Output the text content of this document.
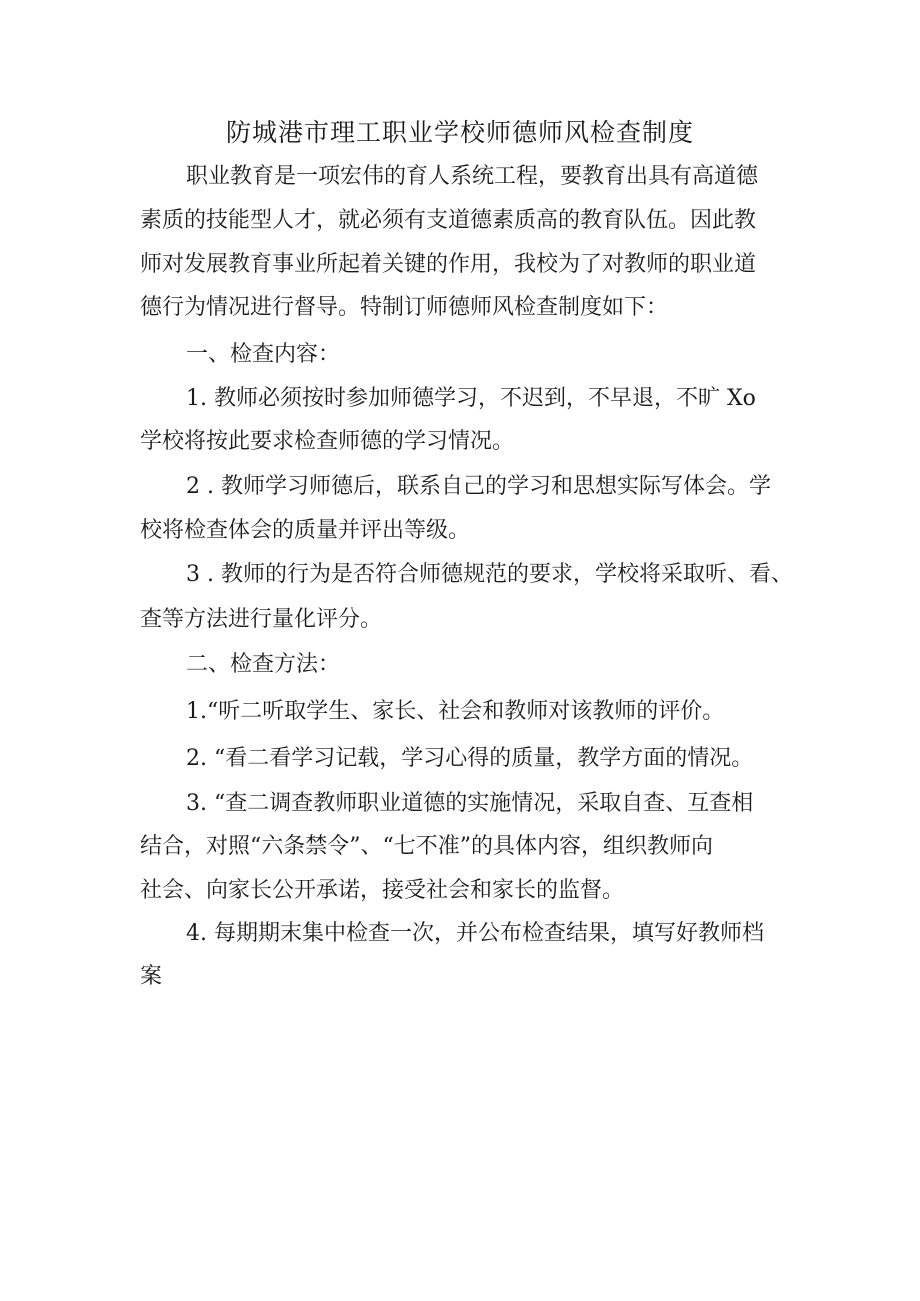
防城港市理工职业学校师德师风检查制度
职业教育是一项宏伟的育人系统工程，要教育出具有高道德
素质的技能型人才，就必须有支道德素质高的教育队伍。因此教
师对发展教育事业所起着关键的作用，我校为了对教师的职业道
德行为情况进行督导。特制订师德师风检查制度如下：
一、检查内容：
1. 教师必须按时参加师德学习，不迟到，不早退，不旷 Xo
学校将按此要求检查师德的学习情况。
2 . 教师学习师德后，联系自己的学习和思想实际写体会。学
校将检查体会的质量并评出等级。
3 . 教师的行为是否符合师德规范的要求，学校将采取听、看、
查等方法进行量化评分。
二、检查方法：
1.“听二听取学生、家长、社会和教师对该教师的评价。
2. “看二看学习记载，学习心得的质量，教学方面的情况。
3. “查二调查教师职业道德的实施情况，采取自查、互查相
结合，对照“六条禁令”、“七不准”的具体内容，组织教师向
社会、向家长公开承诺，接受社会和家长的监督。
4. 每期期末集中检查一次，并公布检查结果，填写好教师档
案
